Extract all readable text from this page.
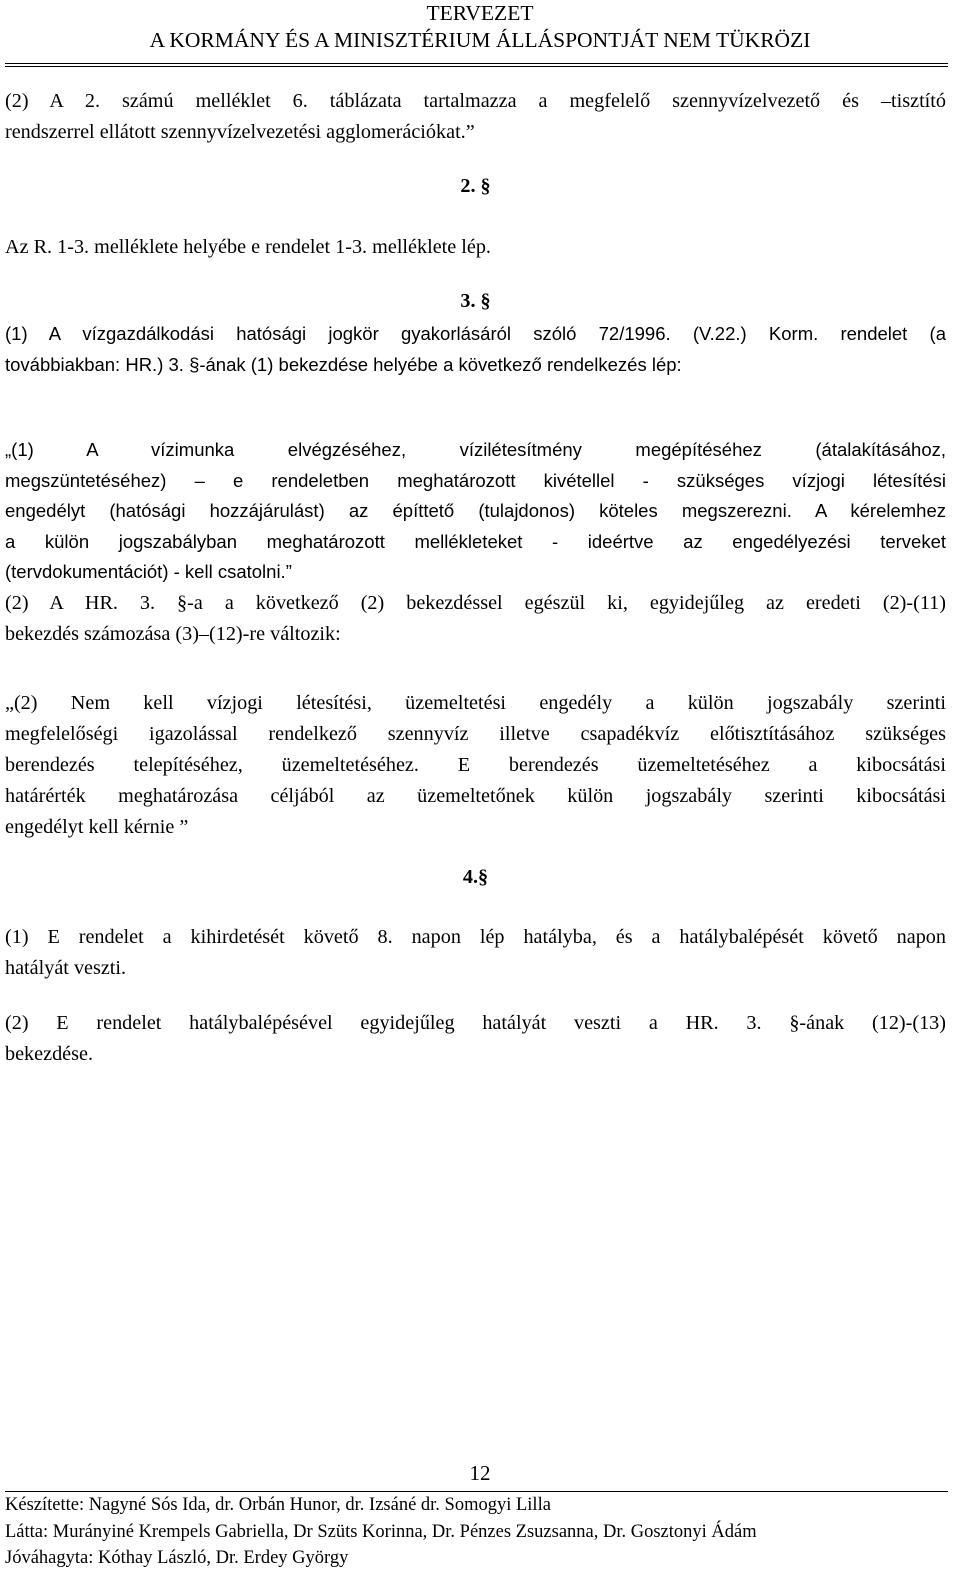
TERVEZET
A KORMÁNY ÉS A MINISZTÉRIUM ÁLLÁSPONTJÁT NEM TÜKRÖZI

(2) A 2. számú melléklet 6. táblázata tartalmazza a megfelelő szennyvízelvezető és –tisztító
rendszerrel ellátott szennyvízelvezetési agglomerációkat.”

2. §

Az R. 1-3. melléklete helyébe e rendelet 1-3. melléklete lép.

3. §

(1) A vízgazdálkodási hatósági jogkör gyakorlásáról szóló 72/1996. (V.22.) Korm. rendelet (a
továbbiakban: HR.) 3. §-ának (1) bekezdése helyébe a következő rendelkezés lép:

„(1) A vízimunka elvégzéséhez, vízilétesítmény megépítéséhez (átalakításához,
megszüntetéséhez) – e rendeletben meghatározott kivétellel - szükséges vízjogi létesítési
engedélyt (hatósági hozzájárulást) az építtető (tulajdonos) köteles megszerezni. A kérelemhez
a külön jogszabályban meghatározott mellékleteket - ideértve az engedélyezési terveket
(tervdokumentációt) - kell csatolni.”

(2) A HR. 3. §-a a következő (2) bekezdéssel egészül ki, egyidejűleg az eredeti (2)-(11)
bekezdés számozása (3)–(12)-re változik:

„(2) Nem kell vízjogi létesítési, üzemeltetési engedély a külön jogszabály szerinti
megfelelőségi igazolással rendelkező szennyvíz illetve csapadékvíz előtisztításához szükséges
berendezés telepítéséhez, üzemeltetéséhez. E berendezés üzemeltetéséhez a kibocsátási
határérték meghatározása céljából az üzemeltetőnek külön jogszabály szerinti kibocsátási
engedélyt kell kérnie ”

4.§

(1) E rendelet a kihirdetését követő 8. napon lép hatályba, és a hatálybalépését követő napon
hatályát veszti.

(2) E rendelet hatálybalépésével egyidejűleg hatályát veszti a HR. 3. §-ának (12)-(13)
bekezdése.

12
Készítette: Nagyné Sós Ida, dr. Orbán Hunor, dr. Izsáné dr. Somogyi Lilla
Látta: Murányiné Krempels Gabriella, Dr Szüts Korinna, Dr. Pénzes Zsuzsanna, Dr. Gosztonyi Ádám
Jóváhagyta: Kóthay László, Dr. Erdey György
